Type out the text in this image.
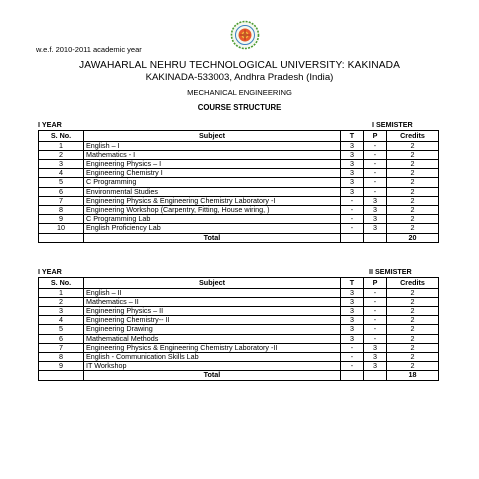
w.e.f. 2010-2011 academic year
JAWAHARLAL NEHRU TECHNOLOGICAL UNIVERSITY: KAKINADA
KAKINADA-533003, Andhra Pradesh (India)
MECHANICAL ENGINEERING
COURSE STRUCTURE
I YEAR	I SEMISTER
S. No.	Subject	T	P	Credits
1	English – I	3	-	2
2	Mathematics - I	3	-	2
3	Engineering Physics – I	3	-	2
4	Engineering Chemistry I	3	-	2
5	C Programming	3	-	2
6	Environmental Studies	3	-	2
7	Engineering Physics & Engineering Chemistry Laboratory -I	-	3	2
8	Engineering Workshop (Carpentry, Fitting, House wiring, )	-	3	2
9	C Programming Lab	-	3	2
10	English Proficiency Lab	-	3	2
	Total			20
I YEAR	II SEMISTER
S. No.	Subject	T	P	Credits
1	English – II	3	-	2
2	Mathematics – II	3	-	2
3	Engineering Physics – II	3	-	2
4	Engineering Chemistry-- II	3	-	2
5	Engineering Drawing	3	-	2
6	Mathematical Methods	3	-	2
7	Engineering Physics & Engineering Chemistry Laboratory -II	-	3	2
8	English - Communication Skills Lab	-	3	2
9	IT Workshop	-	3	2
	Total			18
